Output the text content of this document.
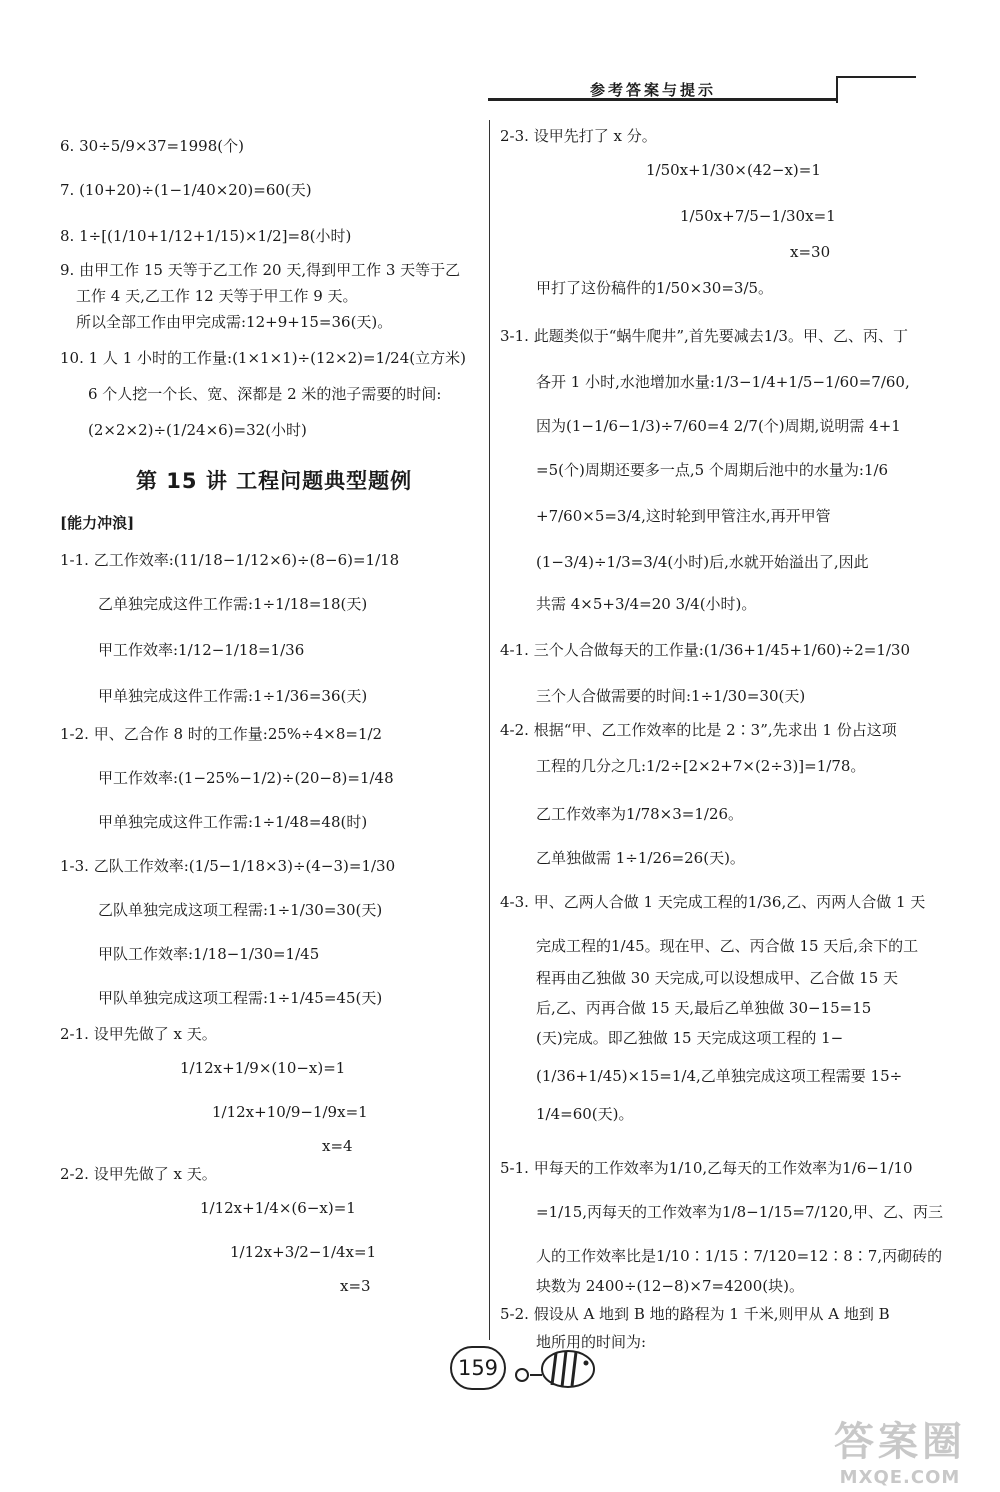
参考答案与提示
第 15 讲 工程问题典型题例
[能力冲浪]
6. 30÷5/9×37=1998(个)
7. (10+20)÷(1−1/40×20)=60(天)
8. 1÷[(1/10+1/12+1/15)×1/2]=8(小时)
9. 由甲工作 15 天等于乙工作 20 天,得到甲工作 3 天等于乙
工作 4 天,乙工作 12 天等于甲工作 9 天。
所以全部工作由甲完成需:12+9+15=36(天)。
10. 1 人 1 小时的工作量:(1×1×1)÷(12×2)=1/24(立方米)
6 个人挖一个长、宽、深都是 2 米的池子需要的时间:
(2×2×2)÷(1/24×6)=32(小时)
1-1. 乙工作效率:(11/18−1/12×6)÷(8−6)=1/18
乙单独完成这件工作需:1÷1/18=18(天)
甲工作效率:1/12−1/18=1/36
甲单独完成这件工作需:1÷1/36=36(天)
1-2. 甲、乙合作 8 时的工作量:25%÷4×8=1/2
甲工作效率:(1−25%−1/2)÷(20−8)=1/48
甲单独完成这件工作需:1÷1/48=48(时)
1-3. 乙队工作效率:(1/5−1/18×3)÷(4−3)=1/30
乙队单独完成这项工程需:1÷1/30=30(天)
甲队工作效率:1/18−1/30=1/45
甲队单独完成这项工程需:1÷1/45=45(天)
2-1. 设甲先做了 x 天。
1/12x+1/9×(10−x)=1
1/12x+10/9−1/9x=1
x=4
2-2. 设甲先做了 x 天。
1/12x+1/4×(6−x)=1
1/12x+3/2−1/4x=1
x=3
2-3. 设甲先打了 x 分。
1/50x+1/30×(42−x)=1
1/50x+7/5−1/30x=1
x=30
甲打了这份稿件的1/50×30=3/5。
3-1. 此题类似于“蜗牛爬井”,首先要减去1/3。甲、乙、丙、丁
各开 1 小时,水池增加水量:1/3−1/4+1/5−1/60=7/60,
因为(1−1/6−1/3)÷7/60=4 2/7(个)周期,说明需 4+1
=5(个)周期还要多一点,5 个周期后池中的水量为:1/6
+7/60×5=3/4,这时轮到甲管注水,再开甲管
(1−3/4)÷1/3=3/4(小时)后,水就开始溢出了,因此
共需 4×5+3/4=20 3/4(小时)。
4-1. 三个人合做每天的工作量:(1/36+1/45+1/60)÷2=1/30
三个人合做需要的时间:1÷1/30=30(天)
4-2. 根据“甲、乙工作效率的比是 2∶3”,先求出 1 份占这项
工程的几分之几:1/2÷[2×2+7×(2÷3)]=1/78。
乙工作效率为1/78×3=1/26。
乙单独做需 1÷1/26=26(天)。
4-3. 甲、乙两人合做 1 天完成工程的1/36,乙、丙两人合做 1 天
完成工程的1/45。现在甲、乙、丙合做 15 天后,余下的工
程再由乙独做 30 天完成,可以设想成甲、乙合做 15 天
后,乙、丙再合做 15 天,最后乙单独做 30−15=15
(天)完成。即乙独做 15 天完成这项工程的 1−
(1/36+1/45)×15=1/4,乙单独完成这项工程需要 15÷
1/4=60(天)。
5-1. 甲每天的工作效率为1/10,乙每天的工作效率为1/6−1/10
=1/15,丙每天的工作效率为1/8−1/15=7/120,甲、乙、丙三
人的工作效率比是1/10∶1/15∶7/120=12∶8∶7,丙砌砖的
块数为 2400÷(12−8)×7=4200(块)。
5-2. 假设从 A 地到 B 地的路程为 1 千米,则甲从 A 地到 B
地所用的时间为:
159
答案圈
MXQE.COM
